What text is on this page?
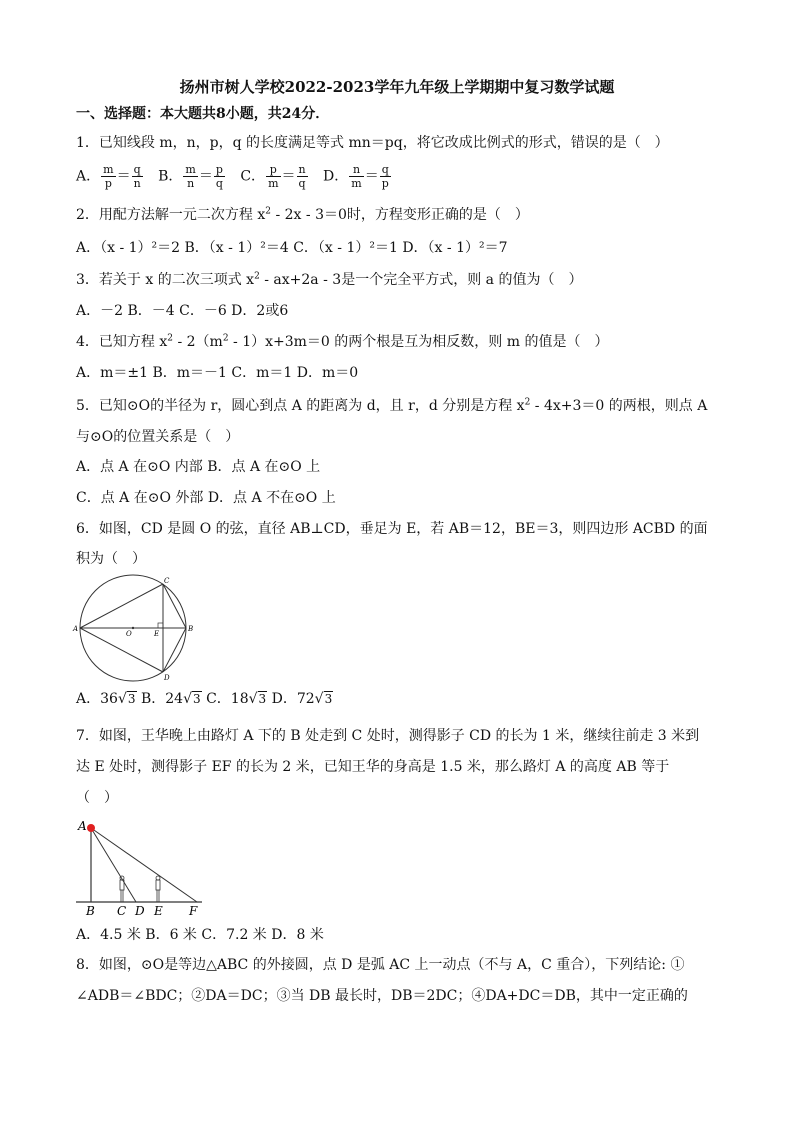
扬州市树人学校2022-2023学年九年级上学期期中复习数学试题
一、选择题：本大题共8小题，共24分．
1．已知线段 m，n，p，q 的长度满足等式 mn＝pq，将它改成比例式的形式，错误的是（　）
A． $\frac{m}{p} = \frac{q}{n}$ B． $\frac{m}{n} = \frac{p}{q}$ C． $\frac{p}{m} = \frac{n}{q}$ D． $\frac{n}{m} = \frac{q}{p}$
2．用配方法解一元二次方程 $x^2 - 2x - 3=0$时，方程变形正确的是（　）
A．（x - 1）²＝2 B．（x - 1）²＝4 C．（x - 1）²＝1 D．（x - 1）²＝7
3．若关于 x 的二次三项式 $x^2 - ax+2a - 3$是一个完全平方式，则 a 的值为（　）
A．－2 B．－4 C．－6 D．2或6
4．已知方程 $x^2 - 2(m^2 - 1)x+3m=0$ 的两个根是互为相反数，则 m 的值是（　）
A．m＝±1 B．m＝－1 C．m＝1 D．m＝0
5．已知⊙O的半径为 r，圆心到点 A 的距离为 d，且 r，d 分别是方程 $x^2 - 4x+3=0$ 的两根，则点 A
与⊙O的位置关系是（　）
A．点 A 在⊙O 内部 B．点 A 在⊙O 上
C．点 A 在⊙O 外部 D．点 A 不在⊙O 上
6．如图，CD 是圆 O 的弦，直径 AB⊥CD，垂足为 E，若 AB＝12，BE＝3，则四边形 ACBD 的面
积为（　）
A	B
C
D
O	E
A．36√3 B．24√3 C．18√3 D．72√3
7．如图，王华晚上由路灯 A 下的 B 处走到 C 处时，测得影子 CD 的长为 1 米，继续往前走 3 米到
达 E 处时，测得影子 EF 的长为 2 米，已知王华的身高是 1.5 米，那么路灯 A 的高度 AB 等于
（　）
A
B C D E F
A．4.5 米 B．6 米 C．7.2 米 D．8 米
8．如图，⊙O是等边△ABC 的外接圆，点 D 是弧 AC 上一动点（不与 A，C 重合），下列结论: ①
∠ADB＝∠BDC；②DA＝DC；③当 DB 最长时，DB＝2DC；④DA+DC＝DB，其中一定正确的
